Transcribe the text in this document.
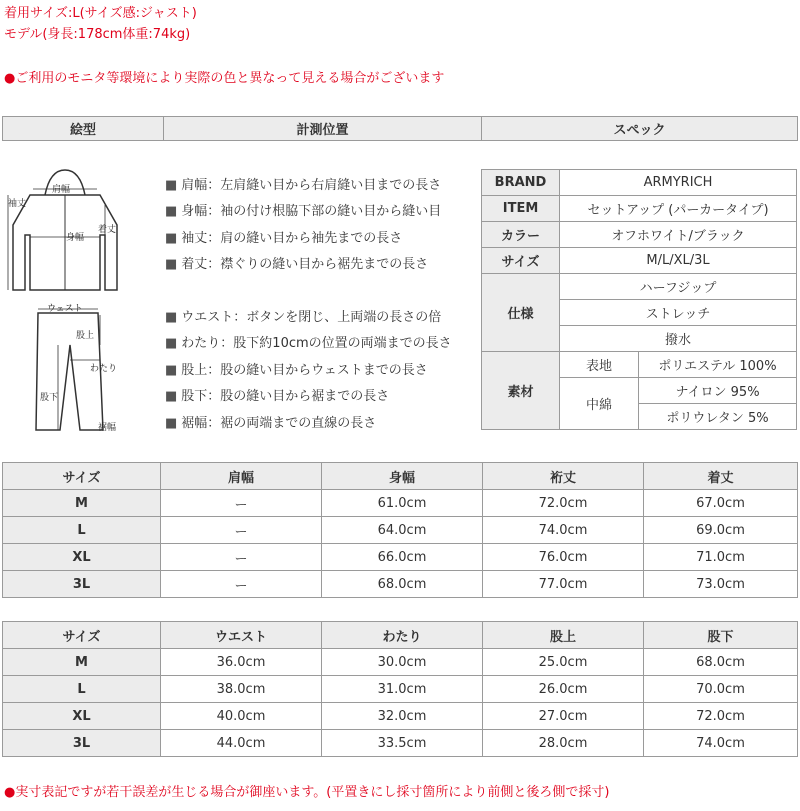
着用サイズ:L(サイズ感:ジャスト)
モデル(身長:178cm体重:74kg)
●ご利用のモニタ等環境により実際の色と異なって見える場合がございます
絵型	計測位置	スペック
肩幅
袖丈
身幅
着丈
ウェスト
股上
わたり
股下
裾幅
■ 肩幅：左肩縫い目から右肩縫い目までの長さ
■ 身幅：袖の付け根脇下部の縫い目から縫い目
■ 袖丈：肩の縫い目から袖先までの長さ
■ 着丈：襟ぐりの縫い目から裾先までの長さ
■ ウエスト：ボタンを閉じ、上両端の長さの倍
■ わたり：股下約10cmの位置の両端までの長さ
■ 股上：股の縫い目からウェストまでの長さ
■ 股下：股の縫い目から裾までの長さ
■ 裾幅：裾の両端までの直線の長さ
BRAND	ARMYRICH	
ITEM	セットアップ (パーカータイプ)	
カラー	オフホワイト/ブラック	
サイズ	M/L/XL/3L	
仕様	ハーフジップ	
	ストレッチ	
	撥水	
素材	表地	ポリエステル 100%
	中綿	ナイロン 95%
		ポリウレタン 5%
サイズ	肩幅	身幅	裄丈	着丈
M	ー	61.0cm	72.0cm	67.0cm
L	ー	64.0cm	74.0cm	69.0cm
XL	ー	66.0cm	76.0cm	71.0cm
3L	ー	68.0cm	77.0cm	73.0cm
サイズ	ウエスト	わたり	股上	股下
M	36.0cm	30.0cm	25.0cm	68.0cm
L	38.0cm	31.0cm	26.0cm	70.0cm
XL	40.0cm	32.0cm	27.0cm	72.0cm
3L	44.0cm	33.5cm	28.0cm	74.0cm
●実寸表記ですが若干誤差が生じる場合が御座います。(平置きにし採寸箇所により前側と後ろ側で採寸)
